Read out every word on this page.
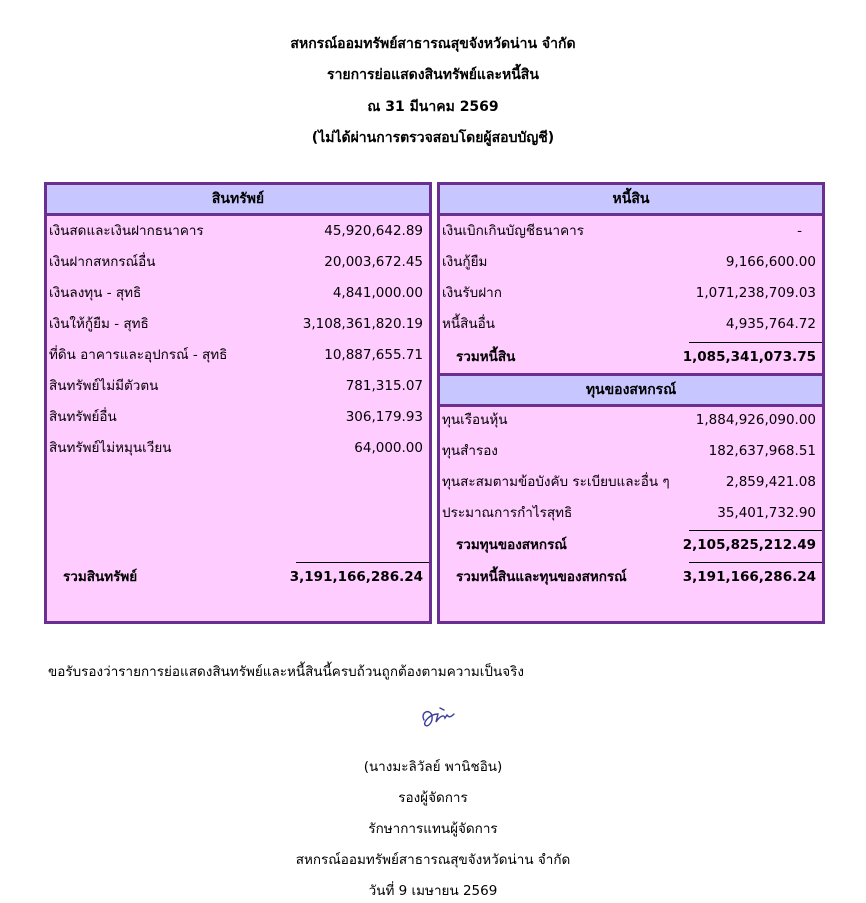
สหกรณ์ออมทรัพย์สาธารณสุขจังหวัดน่าน จำกัด
รายการย่อแสดงสินทรัพย์และหนี้สิน
ณ 31 มีนาคม 2569
(ไม่ได้ผ่านการตรวจสอบโดยผู้สอบบัญชี)
สินทรัพย์
เงินสดและเงินฝากธนาคาร	45,920,642.89
เงินฝากสหกรณ์อื่น	20,003,672.45
เงินลงทุน - สุทธิ	4,841,000.00
เงินให้กู้ยืม - สุทธิ	3,108,361,820.19
ที่ดิน อาคารและอุปกรณ์ - สุทธิ	10,887,655.71
สินทรัพย์ไม่มีตัวตน	781,315.07
สินทรัพย์อื่น	306,179.93
สินทรัพย์ไม่หมุนเวียน	64,000.00
รวมสินทรัพย์	3,191,166,286.24
หนี้สิน
เงินเบิกเกินบัญชีธนาคาร	-
เงินกู้ยืม	9,166,600.00
เงินรับฝาก	1,071,238,709.03
หนี้สินอื่น	4,935,764.72
รวมหนี้สิน	1,085,341,073.75
ทุนของสหกรณ์
ทุนเรือนหุ้น	1,884,926,090.00
ทุนสำรอง	182,637,968.51
ทุนสะสมตามข้อบังคับ ระเบียบและอื่น ๆ	2,859,421.08
ประมาณการกำไรสุทธิ	35,401,732.90
รวมทุนของสหกรณ์	2,105,825,212.49
รวมหนี้สินและทุนของสหกรณ์	3,191,166,286.24
ขอรับรองว่ารายการย่อแสดงสินทรัพย์และหนี้สินนี้ครบถ้วนถูกต้องตามความเป็นจริง
(นางมะลิวัลย์ พานิชอิน)
รองผู้จัดการ
รักษาการแทนผู้จัดการ
สหกรณ์ออมทรัพย์สาธารณสุขจังหวัดน่าน จำกัด
วันที่ 9 เมษายน 2569
